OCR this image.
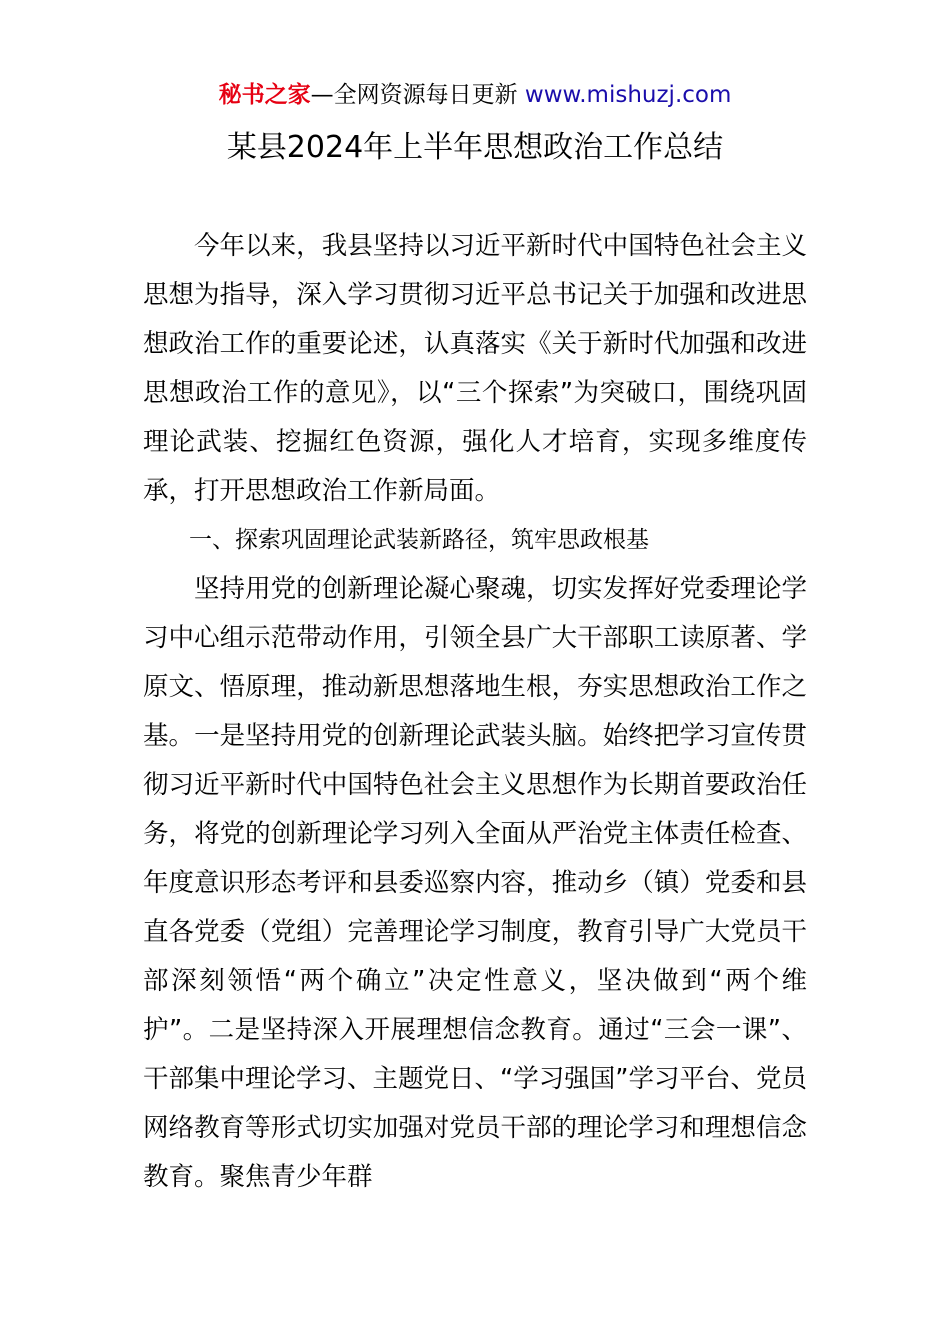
秘书之家—全网资源每日更新 www.mishuzj.com
某县2024年上半年思想政治工作总结

今年以来，我县坚持以习近平新时代中国特色社会主义思想为指导，深入学习贯彻习近平总书记关于加强和改进思想政治工作的重要论述，认真落实《关于新时代加强和改进思想政治工作的意见》，以“三个探索”为突破口，围绕巩固理论武装、挖掘红色资源，强化人才培育，实现多维度传承，打开思想政治工作新局面。

一、探索巩固理论武装新路径，筑牢思政根基

坚持用党的创新理论凝心聚魂，切实发挥好党委理论学习中心组示范带动作用，引领全县广大干部职工读原著、学原文、悟原理，推动新思想落地生根，夯实思想政治工作之基。一是坚持用党的创新理论武装头脑。始终把学习宣传贯彻习近平新时代中国特色社会主义思想作为长期首要政治任务，将党的创新理论学习列入全面从严治党主体责任检查、年度意识形态考评和县委巡察内容，推动乡（镇）党委和县直各党委（党组）完善理论学习制度，教育引导广大党员干部深刻领悟“两个确立”决定性意义，坚决做到“两个维护”。二是坚持深入开展理想信念教育。通过“三会一课”、干部集中理论学习、主题党日、“学习强国”学习平台、党员网络教育等形式切实加强对党员干部的理论学习和理想信念教育。聚焦青少年群
